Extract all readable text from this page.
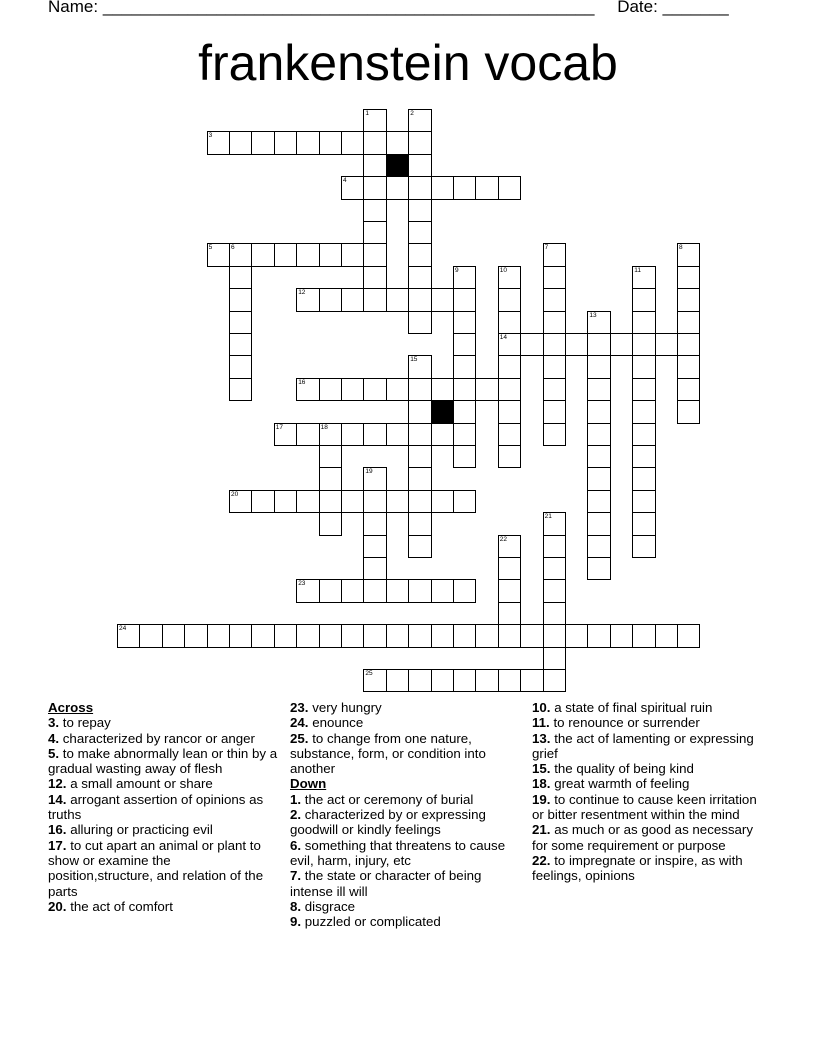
Name: ____________________________________________________ Date: _______
frankenstein vocab
1	2
3
4
5	6	7	8
9	10
14
11
12
13
15
16
17	18
19
20
21
22
23
24
25
Across
3. to repay
4. characterized by rancor or anger
5. to make abnormally lean or thin by a gradual wasting away of flesh
12. a small amount or share
14. arrogant assertion of opinions as truths
16. alluring or practicing evil
17. to cut apart an animal or plant to show or examine the position,structure, and relation of the parts
20. the act of comfort
23. very hungry
24. enounce
25. to change from one nature, substance, form, or condition into another
Down
1. the act or ceremony of burial
2. characterized by or expressing goodwill or kindly feelings
6. something that threatens to cause evil, harm, injury, etc
7. the state or character of being intense ill will
8. disgrace
9. puzzled or complicated
10. a state of final spiritual ruin
11. to renounce or surrender
13. the act of lamenting or expressing grief
15. the quality of being kind
18. great warmth of feeling
19. to continue to cause keen irritation or bitter resentment within the mind
21. as much or as good as necessary for some requirement or purpose
22. to impregnate or inspire, as with feelings, opinions
